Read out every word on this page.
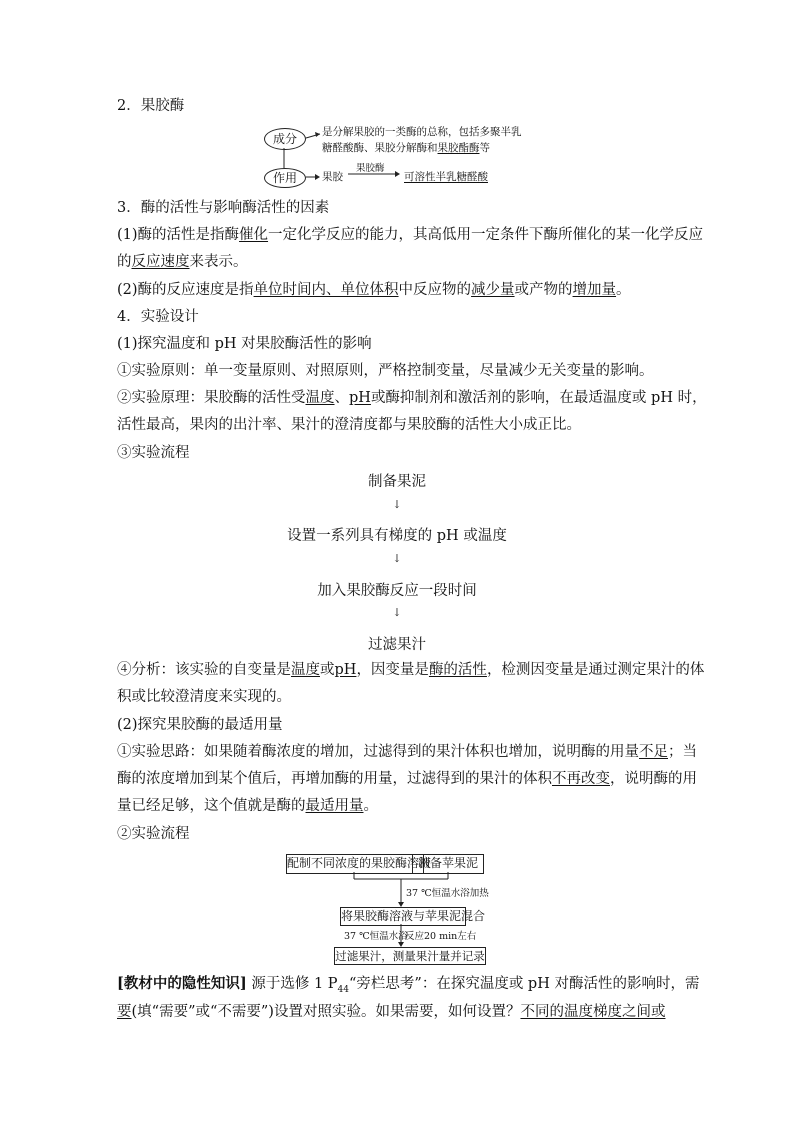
2．果胶酶
成分
作用
是分解果胶的一类酶的总称，包括多聚半乳
糖醛酸酶、果胶分解酶和果胶酯酶等
果胶
果胶酶
可溶性半乳糖醛酸
3．酶的活性与影响酶活性的因素
(1)酶的活性是指酶催化一定化学反应的能力，其高低用一定条件下酶所催化的某一化学反应
的反应速度来表示。
(2)酶的反应速度是指单位时间内、单位体积中反应物的减少量或产物的增加量。
4．实验设计
(1)探究温度和 pH 对果胶酶活性的影响
①实验原则：单一变量原则、对照原则，严格控制变量，尽量减少无关变量的影响。
②实验原理：果胶酶的活性受温度、pH或酶抑制剂和激活剂的影响，在最适温度或 pH 时，
活性最高，果肉的出汁率、果汁的澄清度都与果胶酶的活性大小成正比。
③实验流程
制备果泥
↓
设置一系列具有梯度的 pH 或温度
↓
加入果胶酶反应一段时间
↓
过滤果汁
④分析：该实验的自变量是温度或pH，因变量是酶的活性，检测因变量是通过测定果汁的体
积或比较澄清度来实现的。
(2)探究果胶酶的最适用量
①实验思路：如果随着酶浓度的增加，过滤得到的果汁体积也增加，说明酶的用量不足；当
酶的浓度增加到某个值后，再增加酶的用量，过滤得到的果汁的体积不再改变，说明酶的用
量已经足够，这个值就是酶的最适用量。
②实验流程
配制不同浓度的果胶酶溶液
制备苹果泥
37 ℃恒温水浴加热
将果胶酶溶液与苹果泥混合
37 ℃恒温水浴
反应20 min左右
过滤果汁，测量果汁量并记录
[教材中的隐性知识] 源于选修 1 $P_{44}“$旁栏思考”：在探究温度或 pH 对酶活性的影响时，需
要(填“需要”或“不需要”)设置对照实验。如果需要，如何设置？不同的温度梯度之间或
